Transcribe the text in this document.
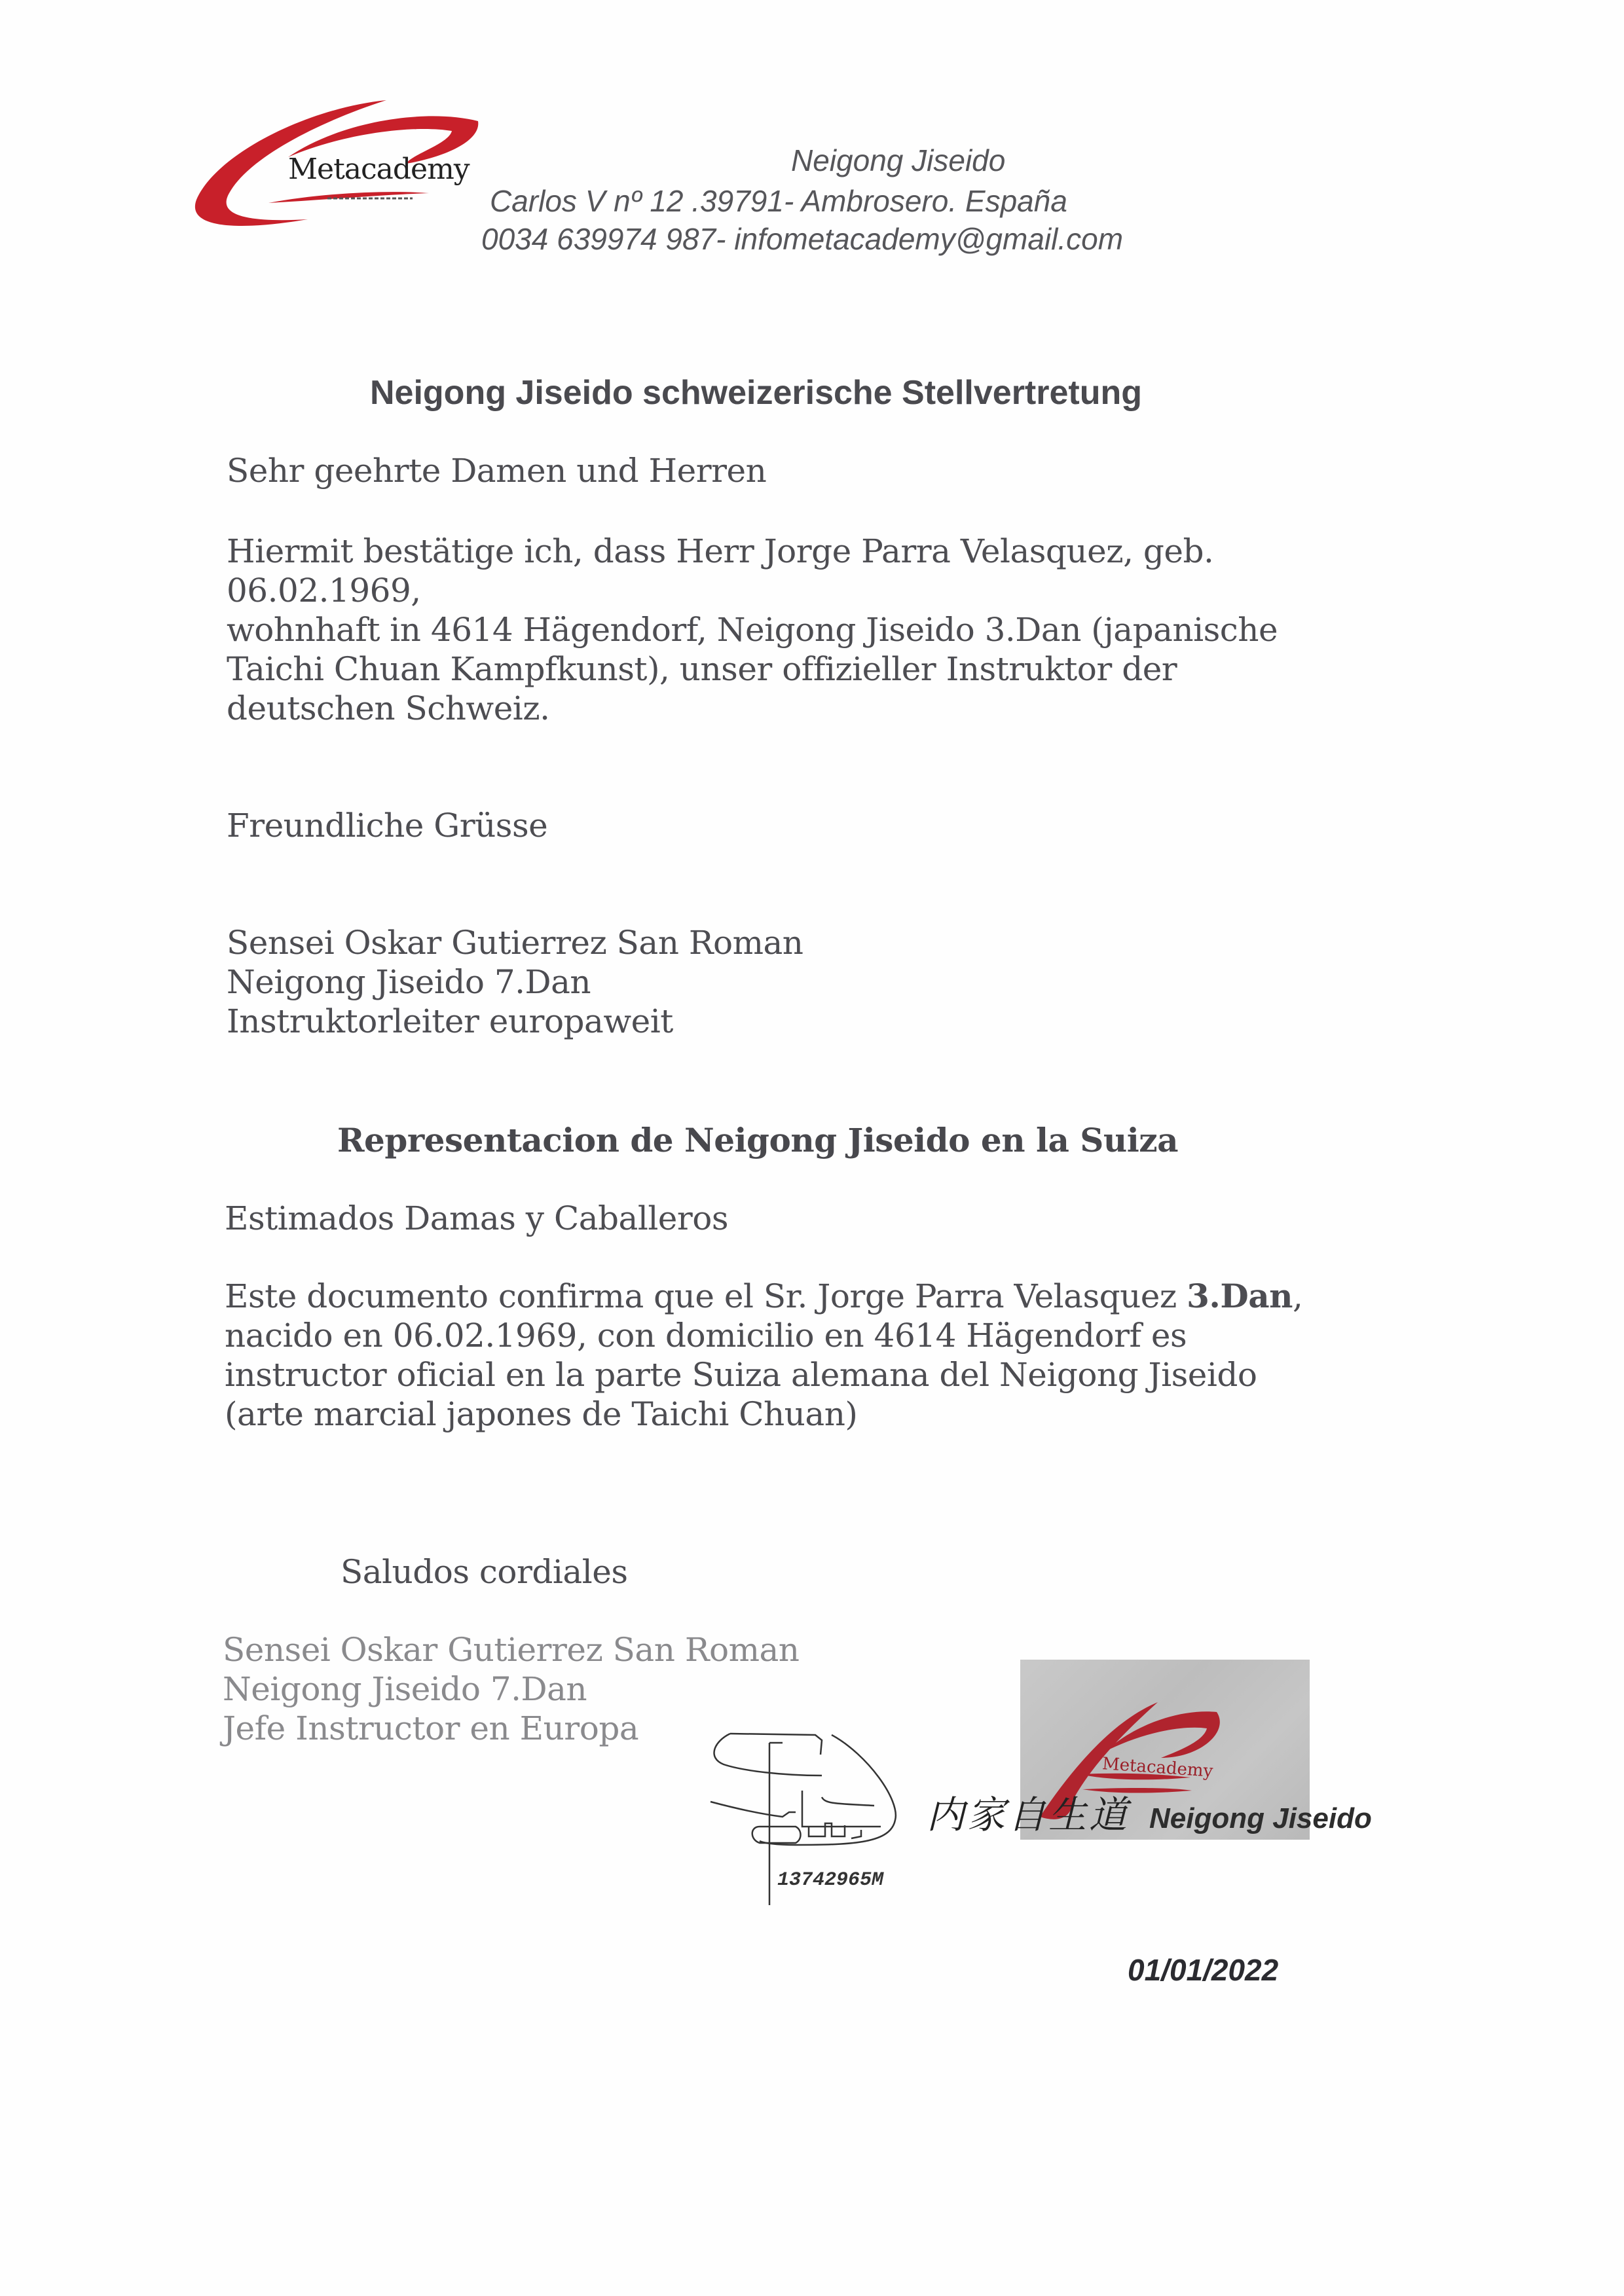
Metacademy	Neigong Jiseido
Carlos V nº 12 .39791- Ambrosero. España
0034 639974 987- infometacademy@gmail.com
Neigong Jiseido schweizerische Stellvertretung
Sehr geehrte Damen und Herren
Hiermit bestätige ich, dass Herr Jorge Parra Velasquez, geb.
06.02.1969,
wohnhaft in 4614 Hägendorf, Neigong Jiseido 3.Dan (japanische
Taichi Chuan Kampfkunst), unser offizieller Instruktor der
deutschen Schweiz.
Freundliche Grüsse
Sensei Oskar Gutierrez San Roman
Neigong Jiseido 7.Dan
Instruktorleiter europaweit
Representacion de Neigong Jiseido en la Suiza
Estimados Damas y Caballeros
Este documento confirma que el Sr. Jorge Parra Velasquez 3.Dan,
nacido en 06.02.1969, con domicilio en 4614 Hägendorf es
instructor oficial en la parte Suiza alemana del Neigong Jiseido
(arte marcial japones de Taichi Chuan)
Saludos cordiales
Sensei Oskar Gutierrez San Roman
Neigong Jiseido 7.Dan
Jefe Instructor en Europa
13742965M
Metacademy
内家自生道 Neigong Jiseido
01/01/2022
